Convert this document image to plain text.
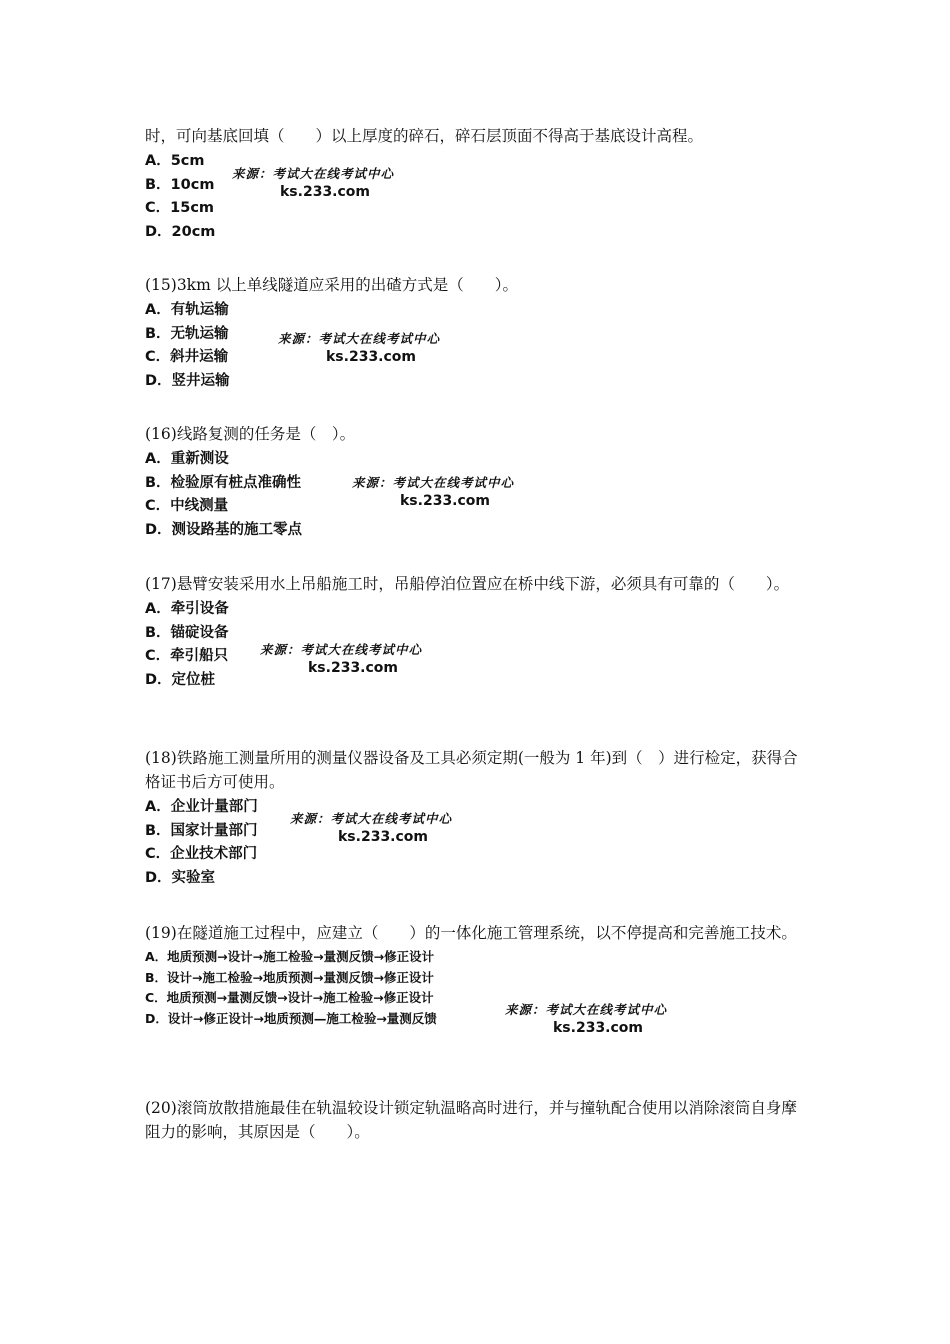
时，可向基底回填（　　）以上厚度的碎石，碎石层顶面不得高于基底设计高程。

A．5cm
B．10cm
C．15cm
D．20cm
来源：考试大在线考试中心
ks.233.com

(15)3km 以上单线隧道应采用的出碴方式是（　　）。

A．有轨运输
B．无轨运输
C．斜井运输
D．竖井运输
来源：考试大在线考试中心
ks.233.com

(16)线路复测的任务是（　）。

A．重新测设
B．检验原有桩点准确性
C．中线测量
D．测设路基的施工零点
来源：考试大在线考试中心
ks.233.com

(17)悬臂安装采用水上吊船施工时，吊船停泊位置应在桥中线下游，必须具有可靠的（　　）。

A．牵引设备
B．锚碇设备
C．牵引船只
D．定位桩
来源：考试大在线考试中心
ks.233.com

(18)铁路施工测量所用的测量仪器设备及工具必须定期(一般为 1 年)到（　）进行检定，获得合格证书后方可使用。

A．企业计量部门
B．国家计量部门
C．企业技术部门
D．实验室
来源：考试大在线考试中心
ks.233.com

(19)在隧道施工过程中，应建立（　　）的一体化施工管理系统，以不停提高和完善施工技术。

A．地质预测→设计→施工检验→量测反馈→修正设计
B．设计→施工检验→地质预测→量测反馈→修正设计
C．地质预测→量测反馈→设计→施工检验→修正设计
D．设计→修正设计→地质预测—施工检验→量测反馈
来源：考试大在线考试中心
ks.233.com

(20)滚筒放散措施最佳在轨温较设计锁定轨温略高时进行，并与撞轨配合使用以消除滚筒自身摩阻力的影响，其原因是（　　）。
